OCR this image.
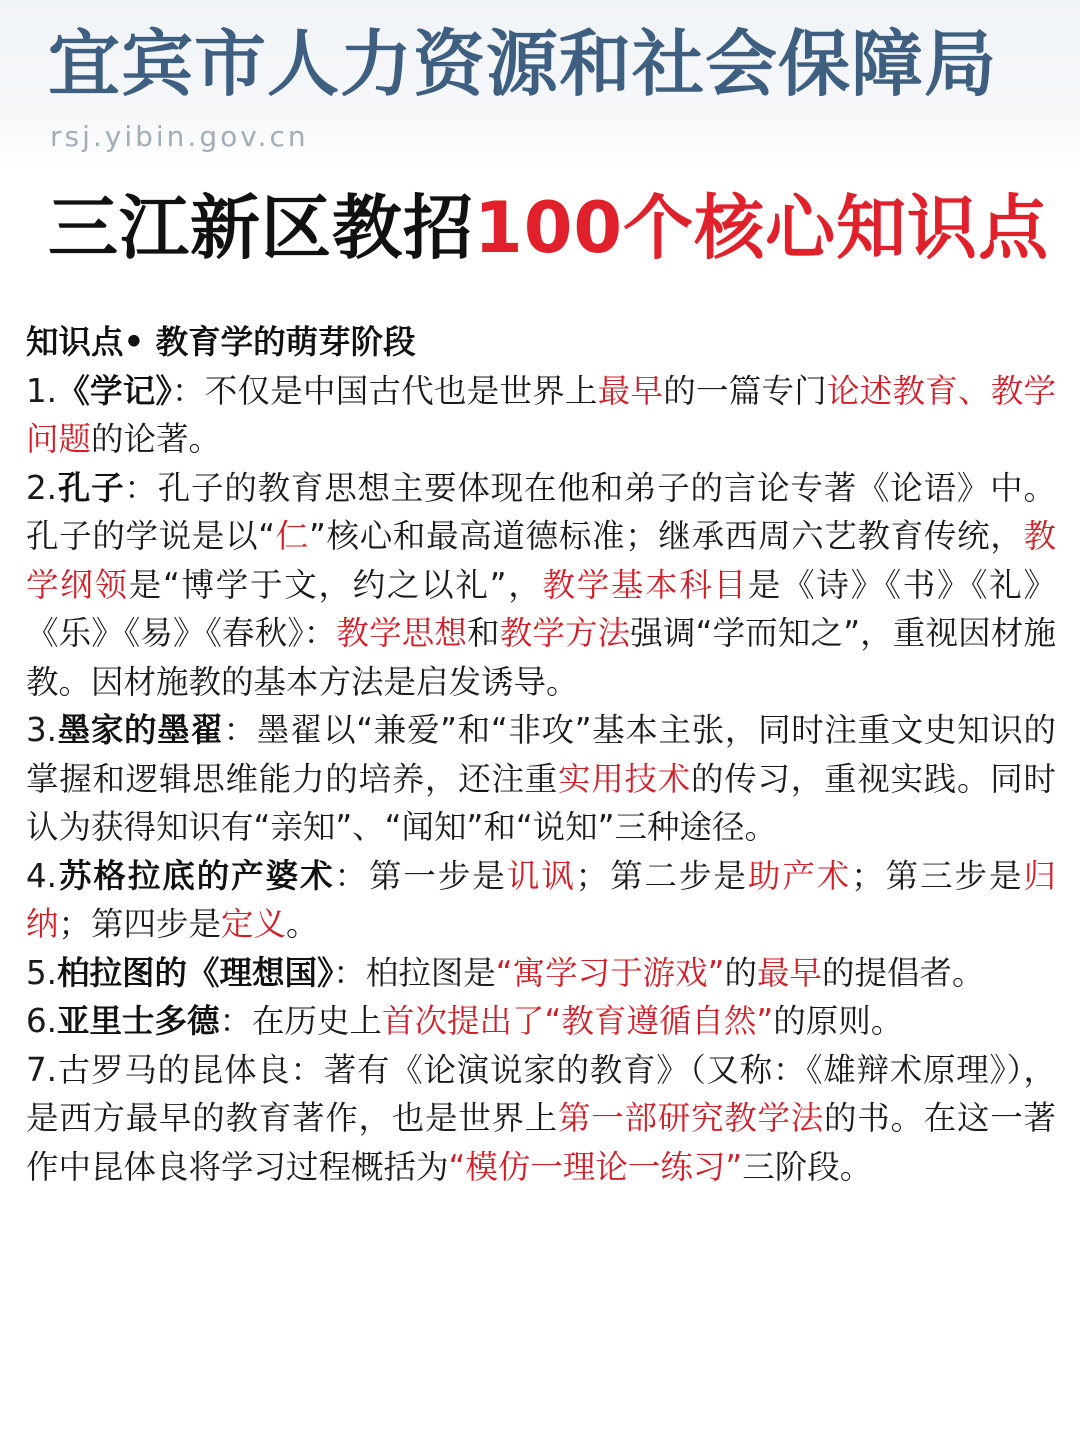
宜宾市人力资源和社会保障局
rsj.yibin.gov.cn
三江新区教招100个核心知识点
知识点• 教育学的萌芽阶段
1.《学记》：不仅是中国古代也是世界上最早的一篇专门论述教育、教学问题的论著。
2.孔子：孔子的教育思想主要体现在他和弟子的言论专著《论语》中。孔子的学说是以“仁”核心和最高道德标准；继承西周六艺教育传统，教学纲领是“博学于文，约之以礼”，教学基本科目是《诗》《书》《礼》《乐》《易》《春秋》：教学思想和教学方法强调“学而知之”，重视因材施教。因材施教的基本方法是启发诱导。
3.墨家的墨翟：墨翟以“兼爱”和“非攻”基本主张，同时注重文史知识的掌握和逻辑思维能力的培养，还注重实用技术的传习，重视实践。同时认为获得知识有“亲知”、“闻知”和“说知”三种途径。
4.苏格拉底的产婆术：第一步是讥讽；第二步是助产术；第三步是归纳；第四步是定义。
5.柏拉图的《理想国》：柏拉图是“寓学习于游戏”的最早的提倡者。
6.亚里士多德：在历史上首次提出了“教育遵循自然”的原则。
7.古罗马的昆体良：著有《论演说家的教育》（又称：《雄辩术原理》），是西方最早的教育著作，也是世界上第一部研究教学法的书。在这一著作中昆体良将学习过程概括为“模仿一理论一练习”三阶段。
